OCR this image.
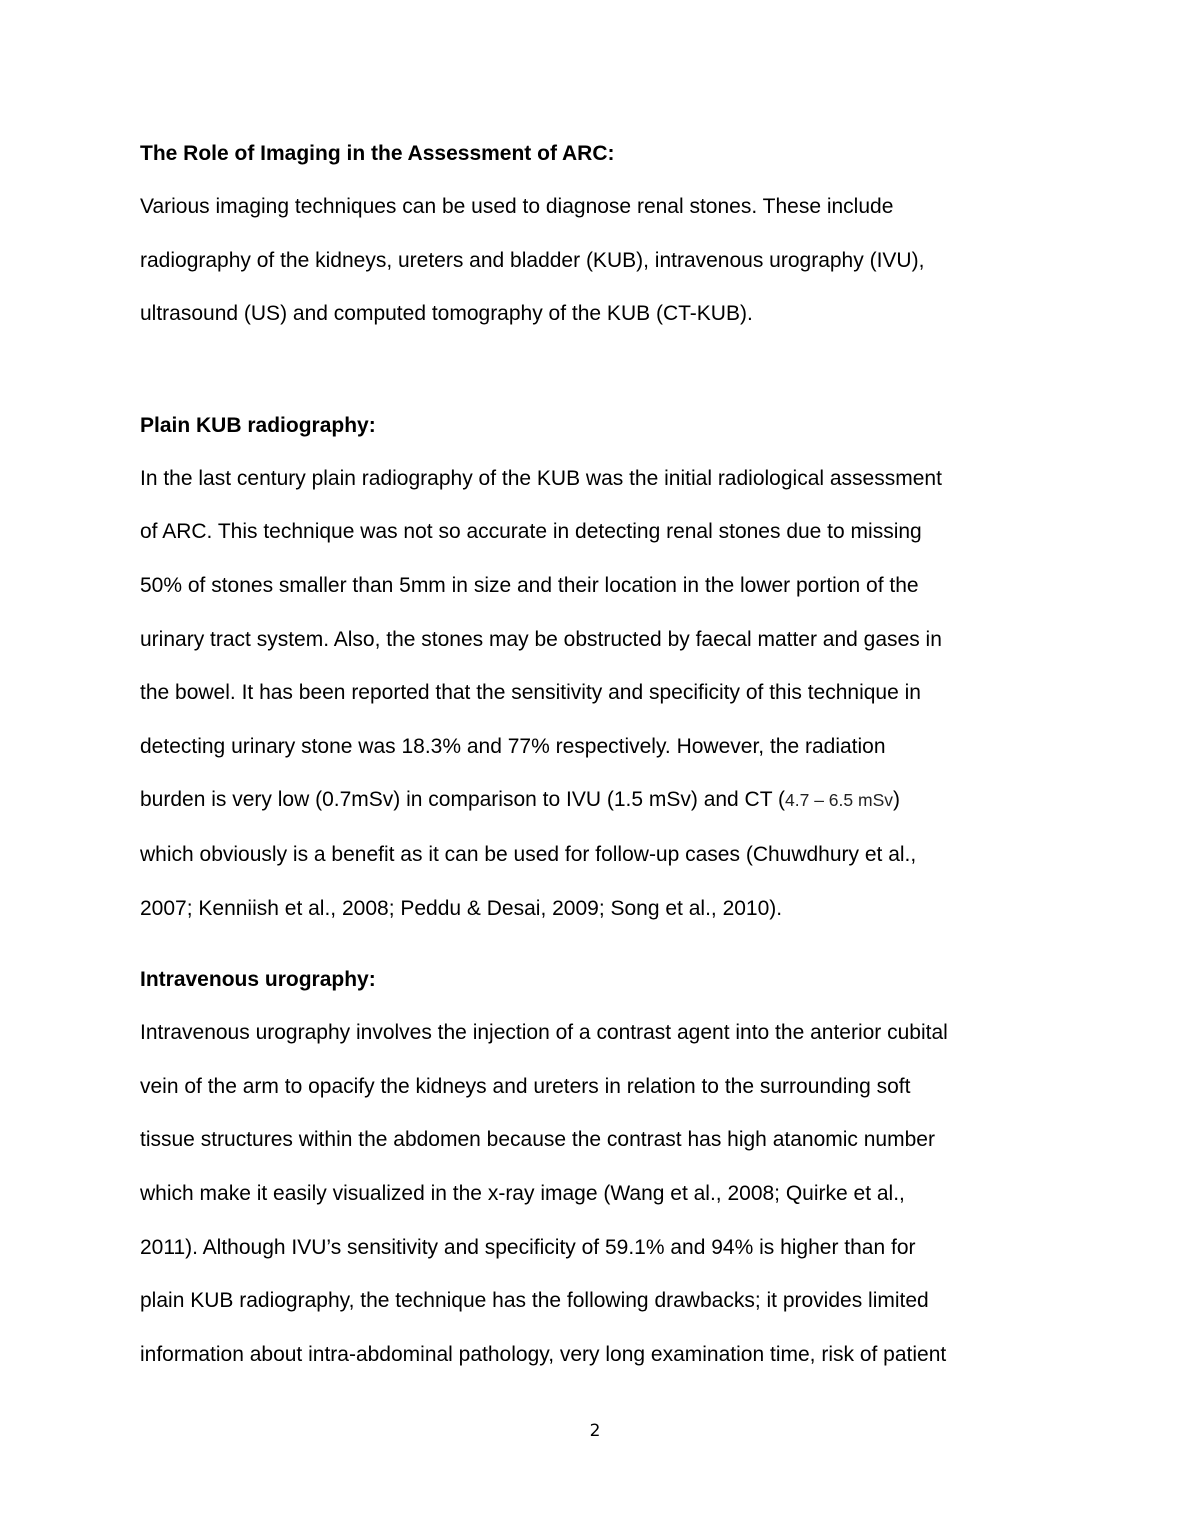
The Role of Imaging in the Assessment of ARC:

Various imaging techniques can be used to diagnose renal stones. These include
radiography of the kidneys, ureters and bladder (KUB), intravenous urography (IVU),
ultrasound (US) and computed tomography of the KUB (CT-KUB).

Plain KUB radiography:

In the last century plain radiography of the KUB was the initial radiological assessment
of ARC. This technique was not so accurate in detecting renal stones due to missing
50% of stones smaller than 5mm in size and their location in the lower portion of the
urinary tract system. Also, the stones may be obstructed by faecal matter and gases in
the bowel. It has been reported that the sensitivity and specificity of this technique in
detecting urinary stone was 18.3% and 77% respectively. However, the radiation
burden is very low (0.7mSv) in comparison to IVU (1.5 mSv) and CT (4.7 – 6.5 mSv)
which obviously is a benefit as it can be used for follow-up cases (Chuwdhury et al.,
2007; Kenniish et al., 2008; Peddu & Desai, 2009; Song et al., 2010).

Intravenous urography:

Intravenous urography involves the injection of a contrast agent into the anterior cubital
vein of the arm to opacify the kidneys and ureters in relation to the surrounding soft
tissue structures within the abdomen because the contrast has high atanomic number
which make it easily visualized in the x-ray image (Wang et al., 2008; Quirke et al.,
2011). Although IVU’s sensitivity and specificity of 59.1% and 94% is higher than for
plain KUB radiography, the technique has the following drawbacks; it provides limited
information about intra-abdominal pathology, very long examination time, risk of patient
2
